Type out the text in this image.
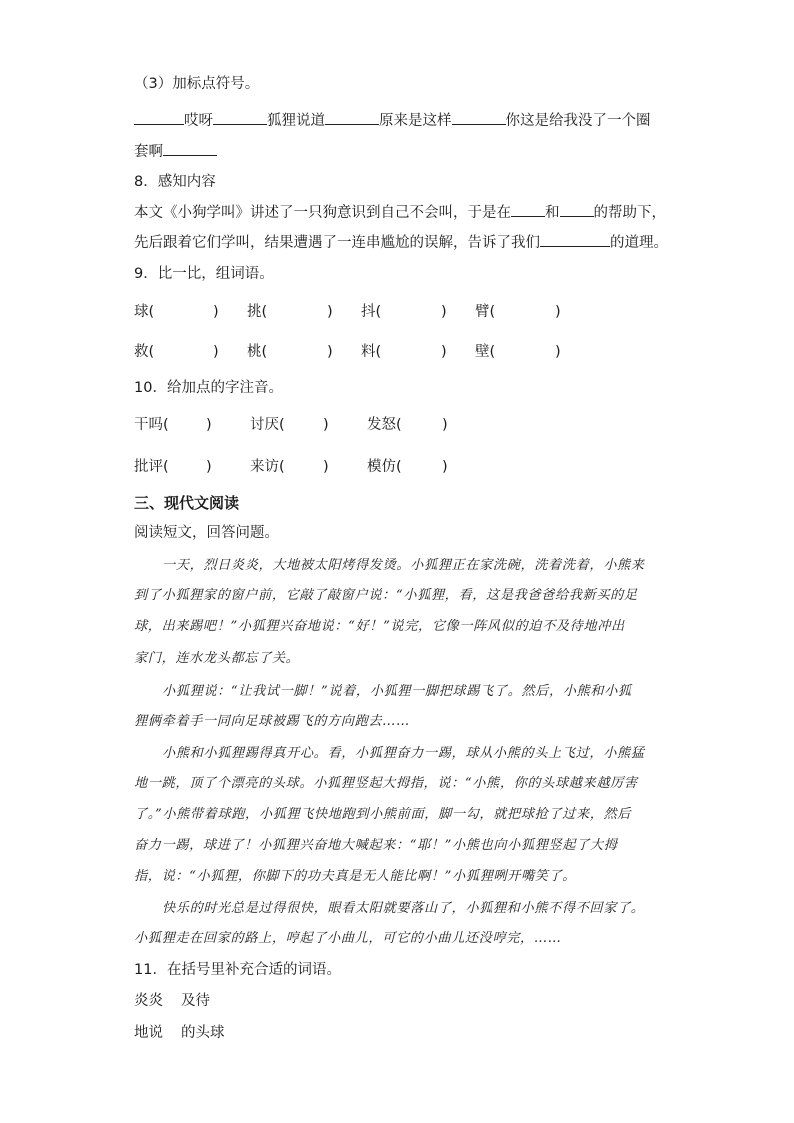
（3）加标点符号。
哎呀	狐狸说道	原来是这样	你这是给我没了一个圈
套啊
8．感知内容
本文《小狗学叫》讲述了一只狗意识到自己不会叫，于是在 和 的帮助下，
先后跟着它们学叫，结果遭遇了一连串尴尬的误解，告诉了我们	的道理。
9．比一比，组词语。
球(	) 挑(	) 抖(	) 臂(	)
救(	) 桃(	) 料(	) 壁(	)
10．给加点的字注音。
干吗(	)	讨厌(	)	发怒(	)
批评(	)	来访(	)	模仿(	)
三、现代文阅读
阅读短文，回答问题。
一天，烈日炎炎，大地被太阳烤得发烫。小狐狸正在家洗碗，洗着洗着，小熊来
到了小狐狸家的窗户前，它敲了敲窗户说：“小狐狸，看，这是我爸爸给我新买的足
球，出来踢吧！”小狐狸兴奋地说：“好！”说完，它像一阵风似的迫不及待地冲出
家门，连水龙头都忘了关。
小狐狸说：“让我试一脚！”说着，小狐狸一脚把球踢飞了。然后，小熊和小狐
狸俩牵着手一同向足球被踢飞的方向跑去……
小熊和小狐狸踢得真开心。看，小狐狸奋力一踢，球从小熊的头上飞过，小熊猛
地一跳，顶了个漂亮的头球。小狐狸竖起大拇指，说：“小熊，你的头球越来越厉害
了。”小熊带着球跑，小狐狸飞快地跑到小熊前面，脚一勾，就把球抢了过来，然后
奋力一踢，球进了！小狐狸兴奋地大喊起来：“耶！”小熊也向小狐狸竖起了大拇
指，说：“小狐狸，你脚下的功夫真是无人能比啊！”小狐狸咧开嘴笑了。
快乐的时光总是过得很快，眼看太阳就要落山了，小狐狸和小熊不得不回家了。
小狐狸走在回家的路上，哼起了小曲儿，可它的小曲儿还没哼完，……
11．在括号里补充合适的词语。
炎炎 及待
地说 的头球
